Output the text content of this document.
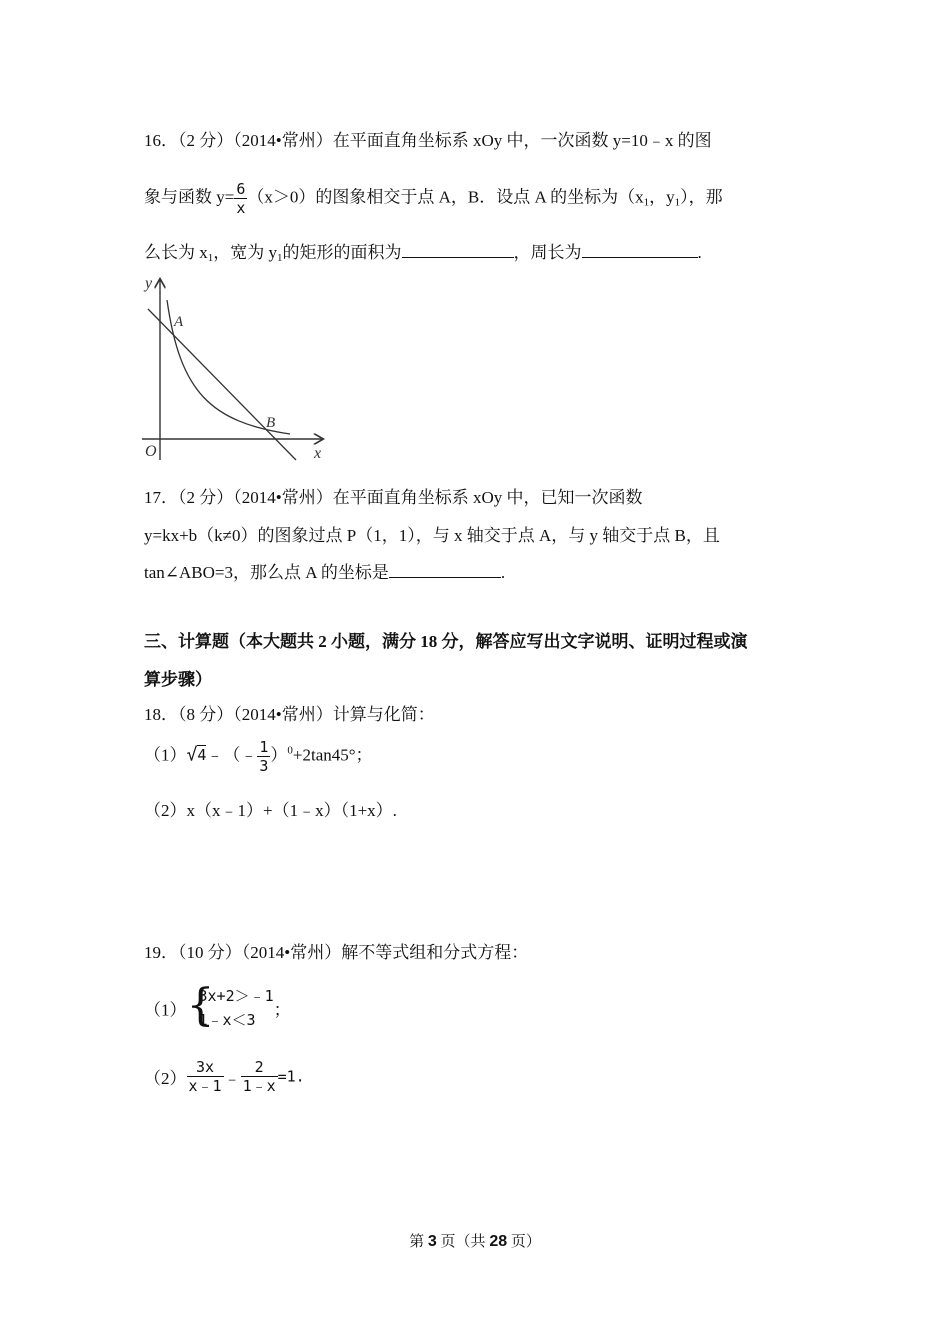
16．（2 分）（2014•常州）在平面直角坐标系 xOy 中，一次函数 y=10﹣x 的图
象与函数 $y= \frac{6}{x} (x>0)$的图象相交于点 A，B．设点 A 的坐标为（$x_1$，$y_1$），那
么长为 $x_1$，宽为 $y_1$的矩形的面积为	，周长为	.
y
x
O
A
B
17．（2 分）（2014•常州）在平面直角坐标系 xOy 中，已知一次函数
y=kx+b（k≠0）的图象过点 P（1，1），与 x 轴交于点 A，与 y 轴交于点 B，且
tan∠ABO=3，那么点 A 的坐标是	.
三、计算题（本大题共 2 小题，满分 18 分，解答应写出文字说明、证明过程或演
算步骤）
18．（8 分）（2014•常州）计算与化简：
（1）√4﹣（﹣ $\frac{1}{3} )^0+2\tan 45^\circ$；
（2）x（x﹣1）+（1﹣x）（1+x）.
19．（10 分）（2014•常州）解不等式组和分式方程：
（1） {
3x+2＞﹣1
1﹣x＜3
；
$(2) \frac{3x}{x﹣1}$ ﹣ $\frac{2}{1﹣x} =1$.
第 3 页（共 28 页）
